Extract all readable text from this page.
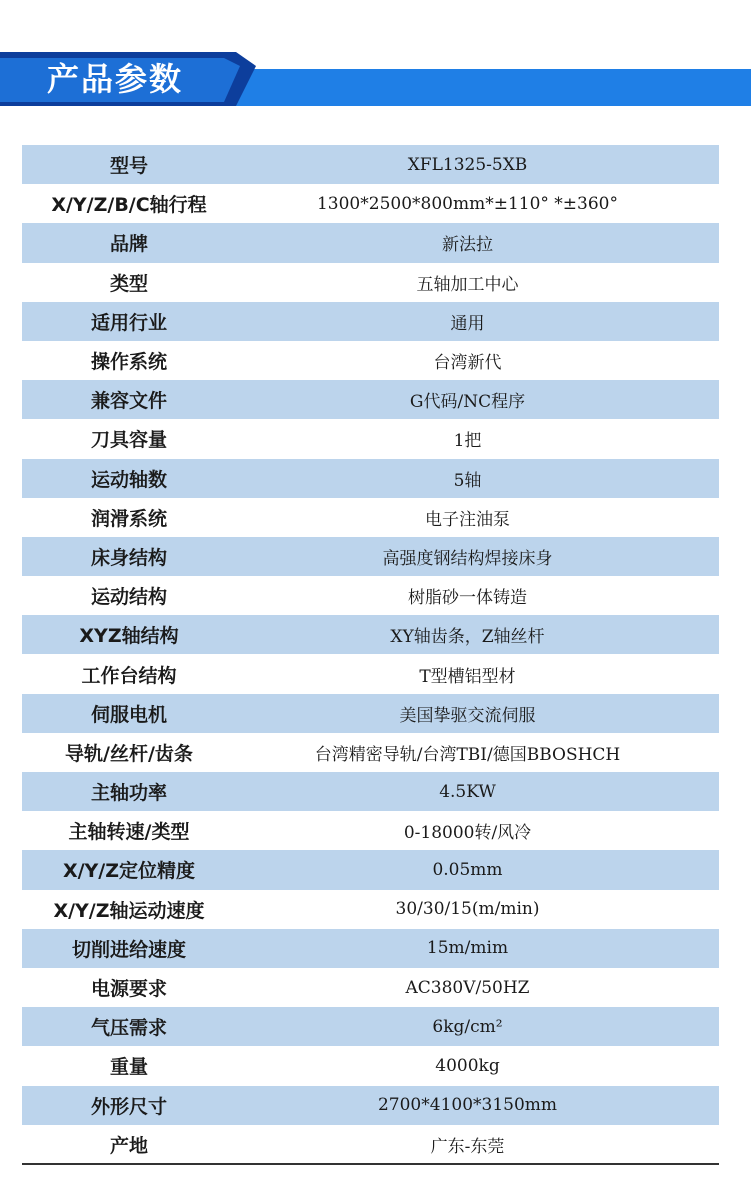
产品参数
型号	XFL1325-5XB
X/Y/Z/B/C轴行程	1300*2500*800mm*±110° *±360°
品牌	新法拉
类型	五轴加工中心
适用行业	通用
操作系统	台湾新代
兼容文件	G代码/NC程序
刀具容量	1把
运动轴数	5轴
润滑系统	电子注油泵
床身结构	高强度钢结构焊接床身
运动结构	树脂砂一体铸造
XYZ轴结构	XY轴齿条，Z轴丝杆
工作台结构	T型槽铝型材
伺服电机	美国挚驱交流伺服
导轨/丝杆/齿条	台湾精密导轨/台湾TBI/德国BBOSHCH
主轴功率	4.5KW
主轴转速/类型	0-18000转/风冷
X/Y/Z定位精度	0.05mm
X/Y/Z轴运动速度	30/30/15(m/min)
切削进给速度	15m/mim
电源要求	AC380V/50HZ
气压需求	6kg/cm²
重量	4000kg
外形尺寸	2700*4100*3150mm
产地	广东-东莞
